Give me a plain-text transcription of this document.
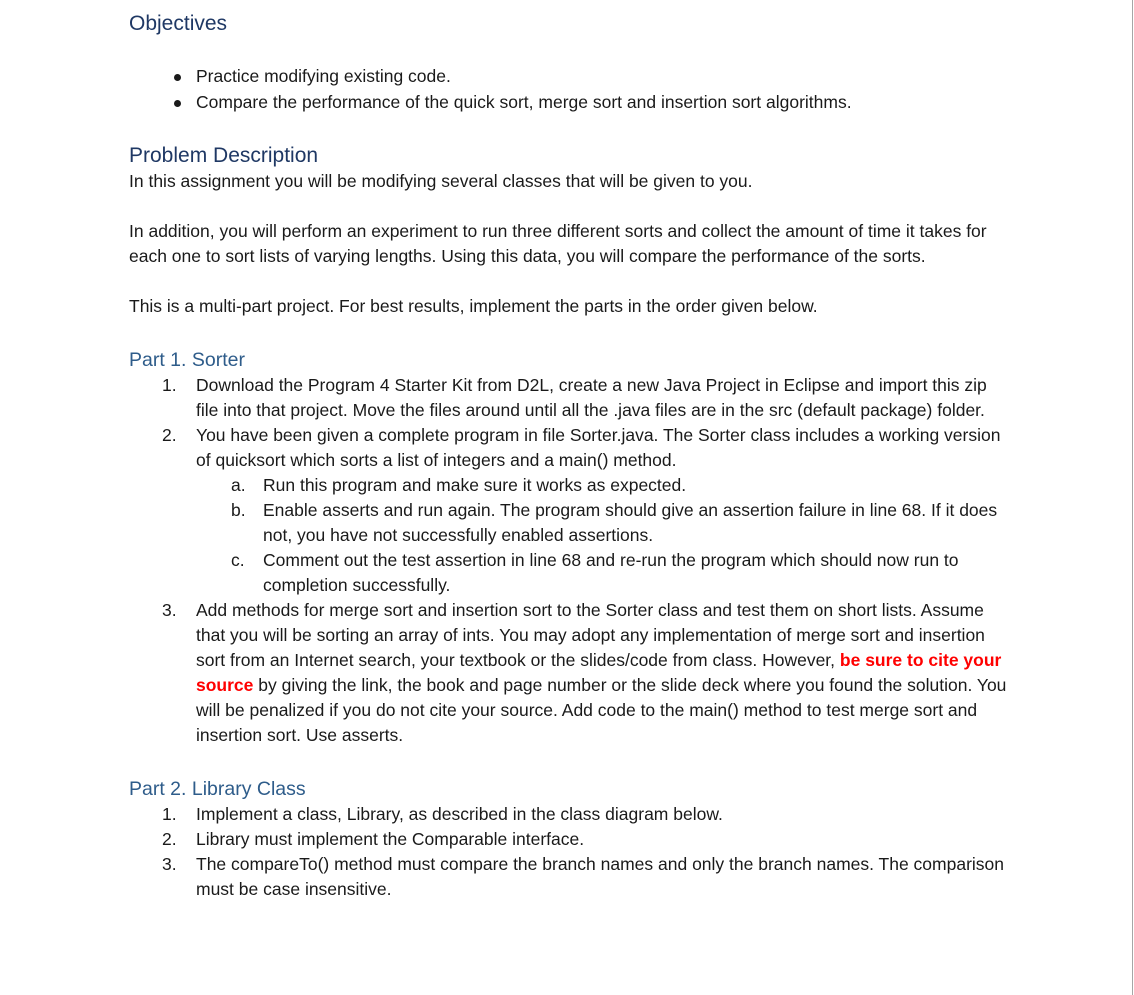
Objectives
Practice modifying existing code.
Compare the performance of the quick sort, merge sort and insertion sort algorithms.
Problem Description

In this assignment you will be modifying several classes that will be given to you.

In addition, you will perform an experiment to run three different sorts and collect the amount of time it takes for each one to sort lists of varying lengths. Using this data, you will compare the performance of the sorts.

This is a multi-part project. For best results, implement the parts in the order given below.

Part 1. Sorter
1. Download the Program 4 Starter Kit from D2L, create a new Java Project in Eclipse and import this zip file into that project. Move the files around until all the .java files are in the src (default package) folder.
2. You have been given a complete program in file Sorter.java. The Sorter class includes a working version of quicksort which sorts a list of integers and a main() method.
a. Run this program and make sure it works as expected.
b. Enable asserts and run again. The program should give an assertion failure in line 68. If it does not, you have not successfully enabled assertions.
c. Comment out the test assertion in line 68 and re-run the program which should now run to completion successfully.
3. Add methods for merge sort and insertion sort to the Sorter class and test them on short lists. Assume that you will be sorting an array of ints. You may adopt any implementation of merge sort and insertion sort from an Internet search, your textbook or the slides/code from class. However, be sure to cite your source by giving the link, the book and page number or the slide deck where you found the solution. You will be penalized if you do not cite your source. Add code to the main() method to test merge sort and insertion sort. Use asserts.
Part 2. Library Class
1. Implement a class, Library, as described in the class diagram below.
2. Library must implement the Comparable interface.
3. The compareTo() method must compare the branch names and only the branch names. The comparison must be case insensitive.
